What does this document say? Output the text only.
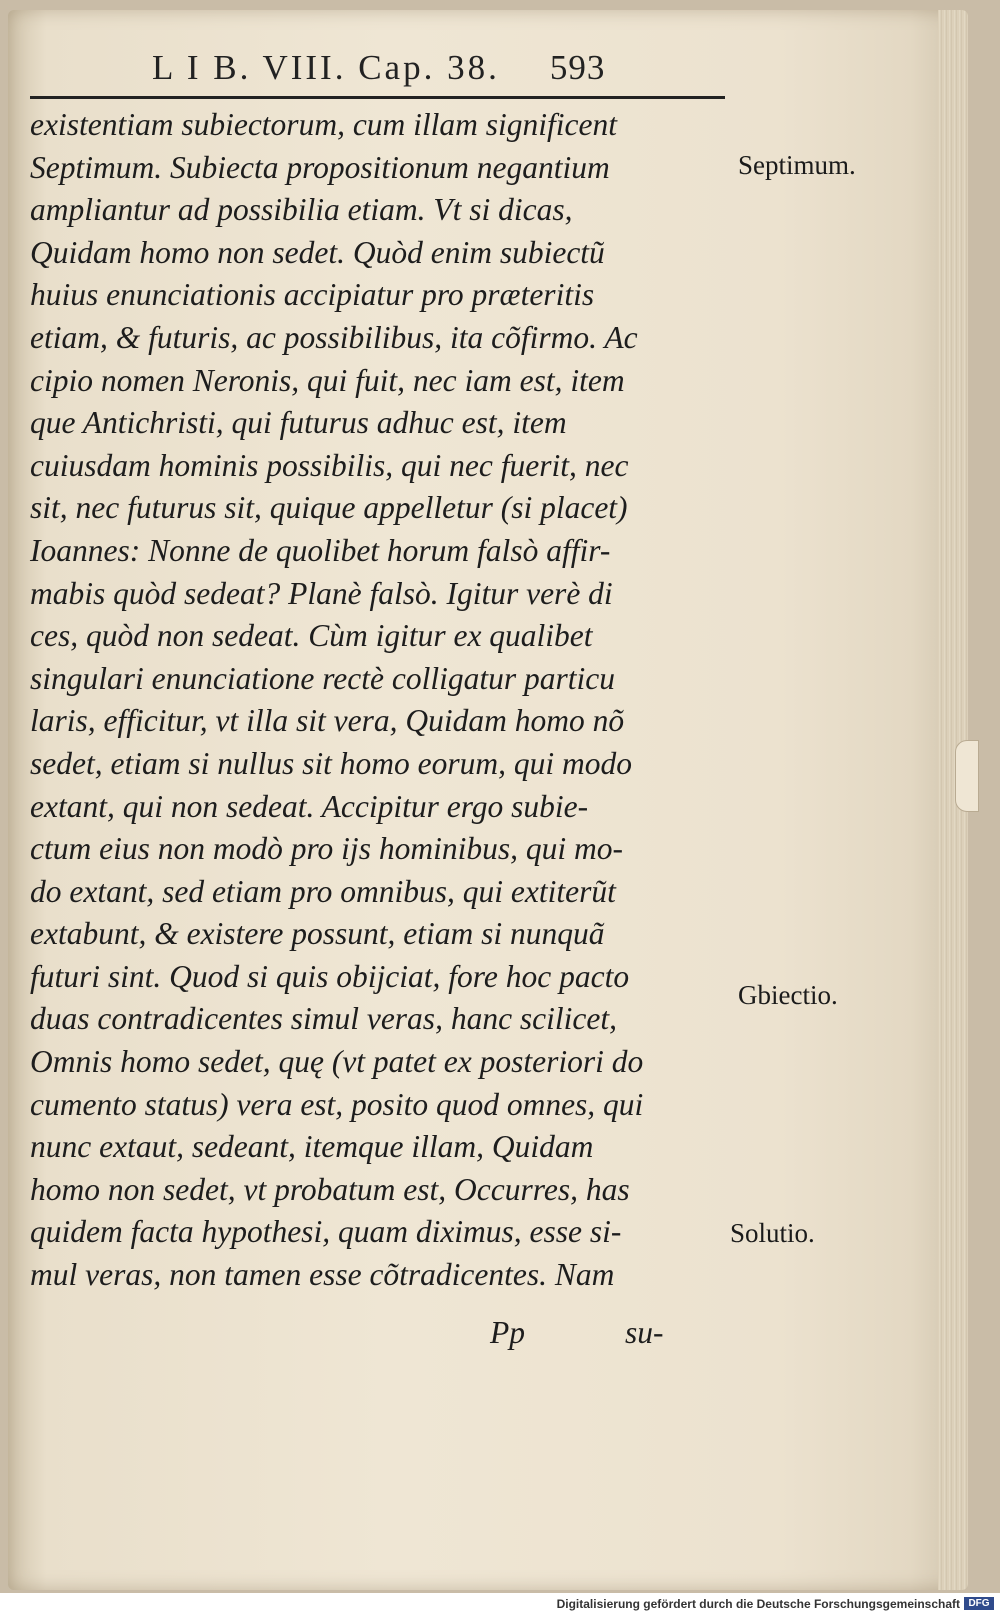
L I B. VIII. Cap. 38. 593
existentiam subiectorum, cum illam significent
Septimum. Subiecta propositionum negantium
ampliantur ad possibilia etiam. Vt si dicas,
Quidam homo non sedet. Quòd enim subiectũ
huius enunciationis accipiatur pro præteritis
etiam, & futuris, ac possibilibus, ita cõfirmo. Ac
cipio nomen Neronis, qui fuit, nec iam est, item
que Antichristi, qui futurus adhuc est, item
cuiusdam hominis possibilis, qui nec fuerit, nec
sit, nec futurus sit, quique appelletur (si placet)
Ioannes: Nonne de quolibet horum falsò affir-
mabis quòd sedeat? Planè falsò. Igitur verè di
ces, quòd non sedeat. Cùm igitur ex qualibet
singulari enunciatione rectè colligatur particu
laris, efficitur, vt illa sit vera, Quidam homo nõ
sedet, etiam si nullus sit homo eorum, qui modo
extant, qui non sedeat. Accipitur ergo subie-
ctum eius non modò pro ijs hominibus, qui mo-
do extant, sed etiam pro omnibus, qui extiterũt
extabunt, & existere possunt, etiam si nunquã
futuri sint. Quod si quis obijciat, fore hoc pacto
duas contradicentes simul veras, hanc scilicet,
Omnis homo sedet, quę (vt patet ex posteriori do
cumento status) vera est, posito quod omnes, qui
nunc extaut, sedeant, itemque illam, Quidam
homo non sedet, vt probatum est, Occurres, has
quidem facta hypothesi, quam diximus, esse si-
mul veras, non tamen esse cõtradicentes. Nam
Pp	su-
Septimum.
Gbiectio.
Solutio.
Digitalisierung gefördert durch die Deutsche Forschungsgemeinschaft DFG
